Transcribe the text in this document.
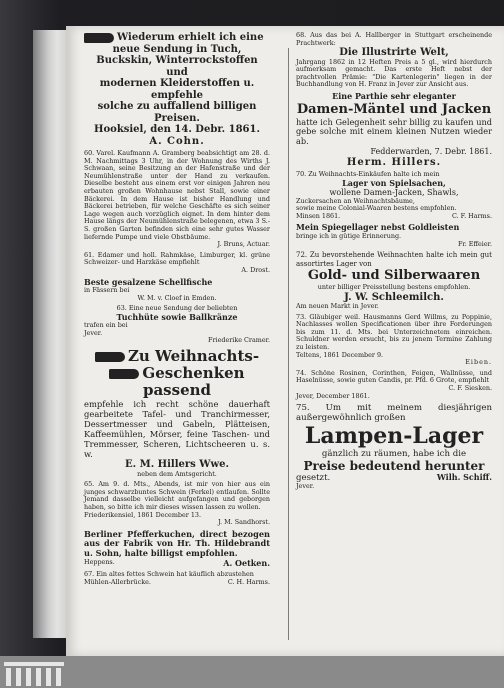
Wiederum erhielt ich eine
neue Sendung in Tuch,
Buckskin, Winterrockstoffen und
modernen Kleiderstoffen u. empfehle
solche zu auffallend billigen Preisen.
Hooksiel, den 14. Debr. 1861.
A. Cohn.

60. Varel. Kaufmann A. Gramberg beabsichtigt am 28. d. M. Nachmittags 3 Uhr, in der Wohnung des Wirths J. Schwaan, seine Besitzung an der Hafenstraße und der Neumühlenstraße unter der Hand zu verkaufen. Dieselbe besteht aus einem erst vor einigen Jahren neu erbauten großen Wohnhause nebst Stall, sowie einer Bäckerei. In dem Hause ist bisher Handlung und Bäckerei betrieben, für welche Geschäfte es sich seiner Lage wegen auch vorzüglich eignet. In dem hinter dem Hause längs der Neumühlenstraße belegenen, etwa 3 S.-S. großen Garten befinden sich eine sehr gutes Wasser liefernde Pumpe und viele Obstbäume.

J. Bruns, Actuar.

61. Edamer und holl. Rahmkäse, Limburger, kl. grüne Schweizer- und Harzkäse empfiehlt

A. Drost.
Beste gesalzene Schellfische
in Fässern bei
W. M. v. Cloef in Emden.
63. Eine neue Sendung der beliebten
Tuchhüte sowie Ballkränze
trafen ein bei
Jever.
Friederike Cramer.
Zu Weihnachts-
Geschenken passend

empfehle ich recht schöne dauerhaft gearbeitete Tafel- und Tranchirmesser, Dessertmesser und Gabeln, Plätteisen, Kaffeemühlen, Mörser, feine Taschen- und Tremmesser, Scheren, Lichtscheeren u. s. w.

E. M. Hillers Wwe.
neben dem Amtsgericht.

65. Am 9. d. Mts., Abends, ist mir von hier aus ein junges schwarzbuntes Schwein (Ferkel) entlaufen. Sollte Jemand dasselbe vielleicht aufgefangen und geborgen haben, so bitte ich mir dieses wissen lassen zu wollen.

Friederikensiel, 1861 December 13.
J. M. Sandhorst.

Berliner Pfefferkuchen, direct bezogen aus der Fabrik von Hr. Th. Hildebrandt u. Sohn, halte billigst empfohlen.

Heppens.	A. Oetken.

67. Ein altes fettes Schwein hat käuflich abzustehen

Mühlen-Allerbrücke.	C. H. Harms.

68. Aus das bei A. Hallberger in Stuttgart erscheinende Prachtwerk:

Die Illustrirte Welt,

Jahrgang 1862 in 12 Heften Preis a 5 gl., wird hierdurch aufmerksam gemacht. Das erste Heft nebst der prachtvollen Prämie: "Die Kartenlegerin" liegen in der Buchhandlung von H. Franz in Jever zur Ansicht aus.

Eine Parthie sehr eleganter
Damen-Mäntel und Jacken

hatte ich Gelegenheit sehr billig zu kaufen und gebe solche mit einem kleinen Nutzen wieder ab.

Fedderwarden, 7. Debr. 1861.
Herm. Hillers.
70. Zu Weihnachts-Einkäufen halte ich mein
Lager von Spielsachen,
wollene Damen-Jacken, Shawls,
Zuckersachen an Weihnachtsbäume,
sowie meine Colonial-Waaren bestens empfohlen.
Minsen 1861.	C. F. Harms.
Mein Spiegellager nebst Goldleisten
bringe ich in gütige Erinnerung.
Fr. Effeier.

72. Zu bevorstehende Weihnachten halte ich mein gut assortirtes Lager von

Gold- und Silberwaaren
unter billiger Preisstellung bestens empfohlen.
J. W. Schleemilch.
Am neuen Markt in Jever.

73. Gläubiger weil. Hausmanns Gerd Willms, zu Poppinie, Nachlasses wollen Specificationen über ihre Forderungen bis zum 11. d. Mts. bei Unterzeichnetem einreichen. Schuldner werden ersucht, bis zu jenem Termine Zahlung zu leisten.

Teltens, 1861 December 9.
Eiben.

74. Schöne Rosinen, Corinthen, Feigen, Wallnüsse, und Haselnüsse, sowie guten Candis, pr. Pfd. 6 Grote, empfiehlt

C. F. Siesken.
Jever, December 1861.

75. Um mit meinem diesjährigen außergewöhnlich großen

Lampen-Lager
gänzlich zu räumen, habe ich die
Preise bedeutend herunter
gesetzt.	Wilh. Schiff.
Jever.
